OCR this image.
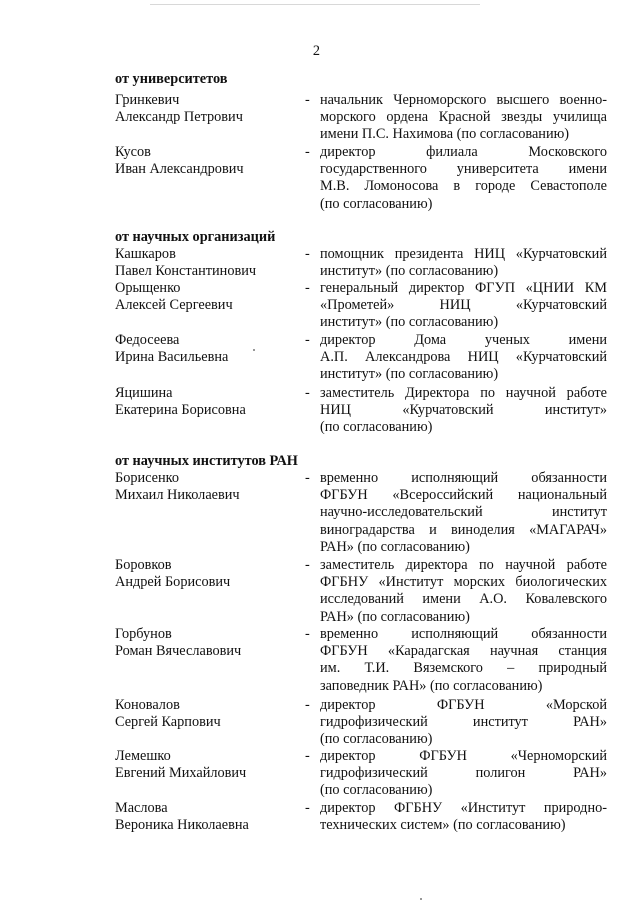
2
от университетов
Гринкевич
Александр Петрович
- начальник Черноморского высшего военно-
морского ордена Красной звезды училища
имени П.С. Нахимова (по согласованию)
Кусов
Иван Александрович
- директор филиала Московского
государственного университета имени
М.В. Ломоносова в городе Севастополе
(по согласованию)
от научных организаций
Кашкаров
Павел Константинович
- помощник президента НИЦ «Курчатовский
институт» (по согласованию)
Орыщенко
Алексей Сергеевич
- генеральный директор ФГУП «ЦНИИ КМ
«Прометей» НИЦ «Курчатовский
институт» (по согласованию)
Федосеева
Ирина Васильевна
- директор Дома ученых имени
А.П. Александрова НИЦ «Курчатовский
институт» (по согласованию)
Яцишина
Екатерина Борисовна
- заместитель Директора по научной работе
НИЦ «Курчатовский институт»
(по согласованию)
от научных институтов РАН
Борисенко
Михаил Николаевич
- временно исполняющий обязанности
ФГБУН «Всероссийский национальный
научно-исследовательский институт
виноградарства и виноделия «МАГАРАЧ»
РАН» (по согласованию)
Боровков
Андрей Борисович
- заместитель директора по научной работе
ФГБНУ «Институт морских биологических
исследований имени А.О. Ковалевского
РАН» (по согласованию)
Горбунов
Роман Вячеславович
- временно исполняющий обязанности
ФГБУН «Карадагская научная станция
им. Т.И. Вяземского – природный
заповедник РАН» (по согласованию)
Коновалов
Сергей Карпович
- директор ФГБУН «Морской
гидрофизический институт РАН»
(по согласованию)
Лемешко
Евгений Михайлович
- директор ФГБУН «Черноморский
гидрофизический полигон РАН»
(по согласованию)
Маслова
Вероника Николаевна
- директор ФГБНУ «Институт природно-
технических систем» (по согласованию)
